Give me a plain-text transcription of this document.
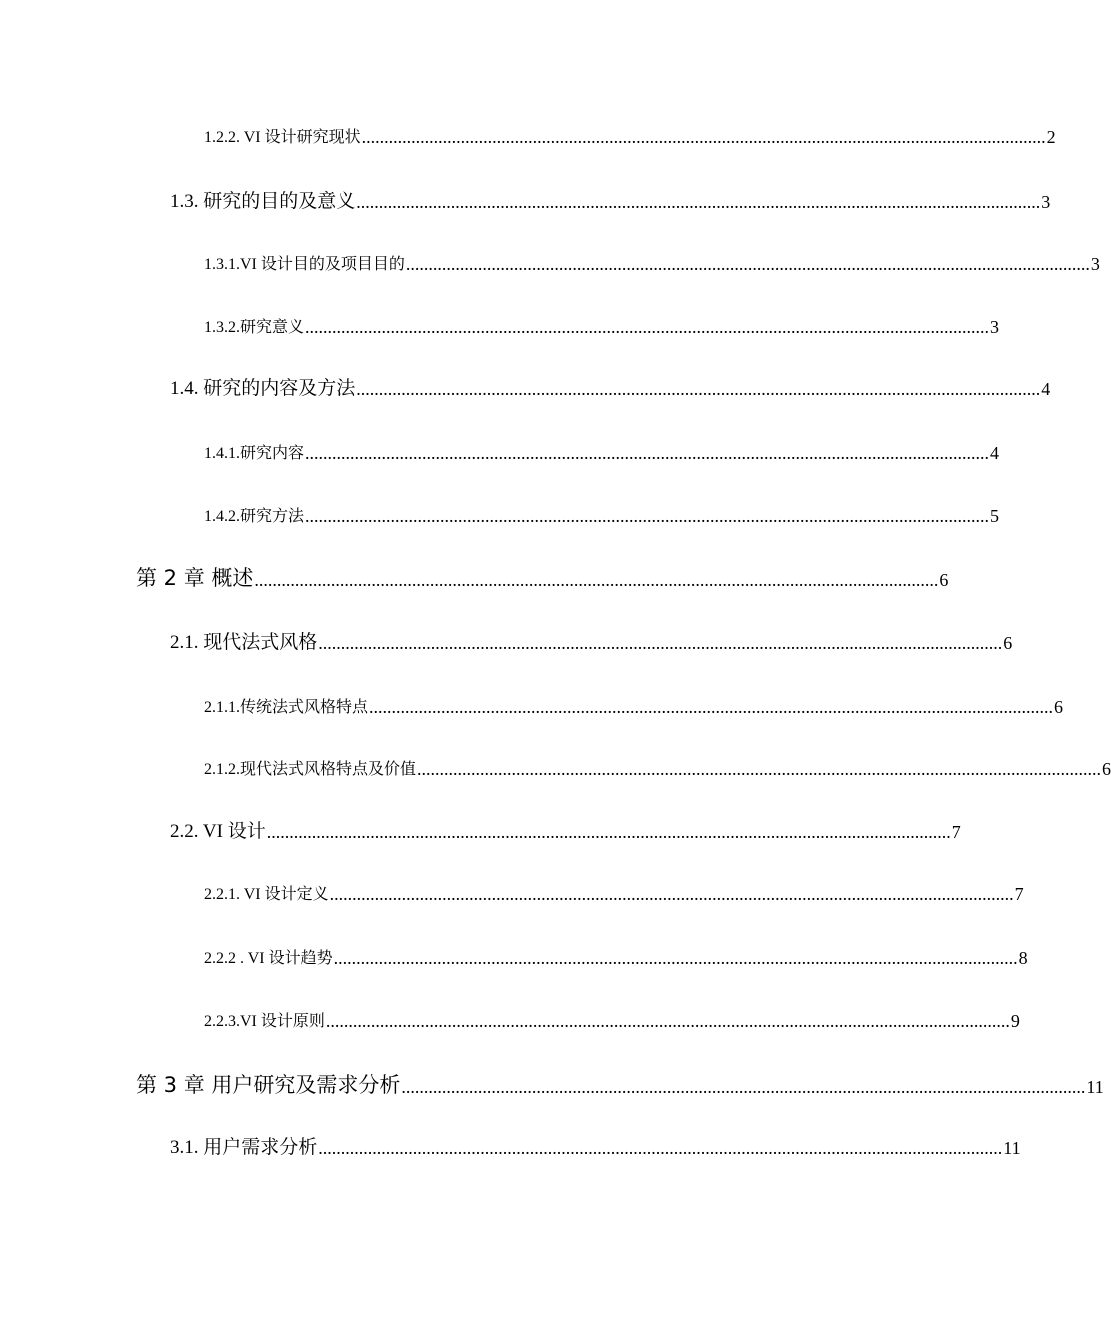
1.2.2. VI 设计研究现状 ........................................................................................................................................................ 2
1.3. 研究的目的及意义 ........................................................................................................................................................ 3
1.3.1.VI 设计目的及项目目的 ........................................................................................................................................................ 3
1.3.2.研究意义 ........................................................................................................................................................ 3
1.4. 研究的内容及方法 ........................................................................................................................................................ 4
1.4.1.研究内容 ........................................................................................................................................................ 4
1.4.2.研究方法 ........................................................................................................................................................ 5
第 2 章 概述 ........................................................................................................................................................ 6
2.1. 现代法式风格 ........................................................................................................................................................ 6
2.1.1.传统法式风格特点 ........................................................................................................................................................ 6
2.1.2.现代法式风格特点及价值 ........................................................................................................................................................ 6
2.2. VI 设计 ........................................................................................................................................................ 7
2.2.1. VI 设计定义 ........................................................................................................................................................ 7
2.2.2 . VI 设计趋势 ........................................................................................................................................................ 8
2.2.3.VI 设计原则 ........................................................................................................................................................ 9
第 3 章 用户研究及需求分析 ........................................................................................................................................................ 11
3.1. 用户需求分析 ........................................................................................................................................................ 11
